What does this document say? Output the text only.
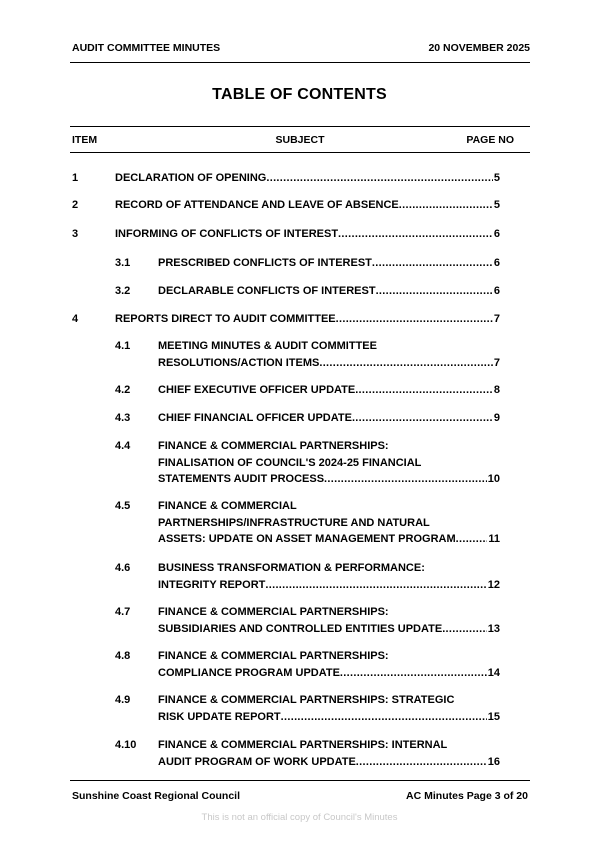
AUDIT COMMITTEE MINUTES	20 NOVEMBER 2025
TABLE OF CONTENTS
ITEM	SUBJECT	PAGE NO
1	DECLARATION OF OPENING .....	5
2	RECORD OF ATTENDANCE AND LEAVE OF ABSENCE .....	5
3	INFORMING OF CONFLICTS OF INTEREST .....	6
3.1	PRESCRIBED CONFLICTS OF INTEREST .....	6
3.2	DECLARABLE CONFLICTS OF INTEREST .....	6
4	REPORTS DIRECT TO AUDIT COMMITTEE .....	7
4.1	MEETING MINUTES & AUDIT COMMITTEE
RESOLUTIONS/ACTION ITEMS .....	7
4.2	CHIEF EXECUTIVE OFFICER UPDATE .....	8
4.3	CHIEF FINANCIAL OFFICER UPDATE .....	9
4.4	FINANCE & COMMERCIAL PARTNERSHIPS:
FINALISATION OF COUNCIL'S 2024-25 FINANCIAL
STATEMENTS AUDIT PROCESS .....	10
4.5	FINANCE & COMMERCIAL
PARTNERSHIPS/INFRASTRUCTURE AND NATURAL
ASSETS: UPDATE ON ASSET MANAGEMENT PROGRAM .....	11
4.6	BUSINESS TRANSFORMATION & PERFORMANCE:
INTEGRITY REPORT .....	12
4.7	FINANCE & COMMERCIAL PARTNERSHIPS:
SUBSIDIARIES AND CONTROLLED ENTITIES UPDATE .....	13
4.8	FINANCE & COMMERCIAL PARTNERSHIPS:
COMPLIANCE PROGRAM UPDATE .....	14
4.9	FINANCE & COMMERCIAL PARTNERSHIPS: STRATEGIC
RISK UPDATE REPORT .....	15
4.10 FINANCE & COMMERCIAL PARTNERSHIPS: INTERNAL
AUDIT PROGRAM OF WORK UPDATE .....	16
Sunshine Coast Regional Council	AC Minutes Page 3 of 20
This is not an official copy of Council's Minutes
